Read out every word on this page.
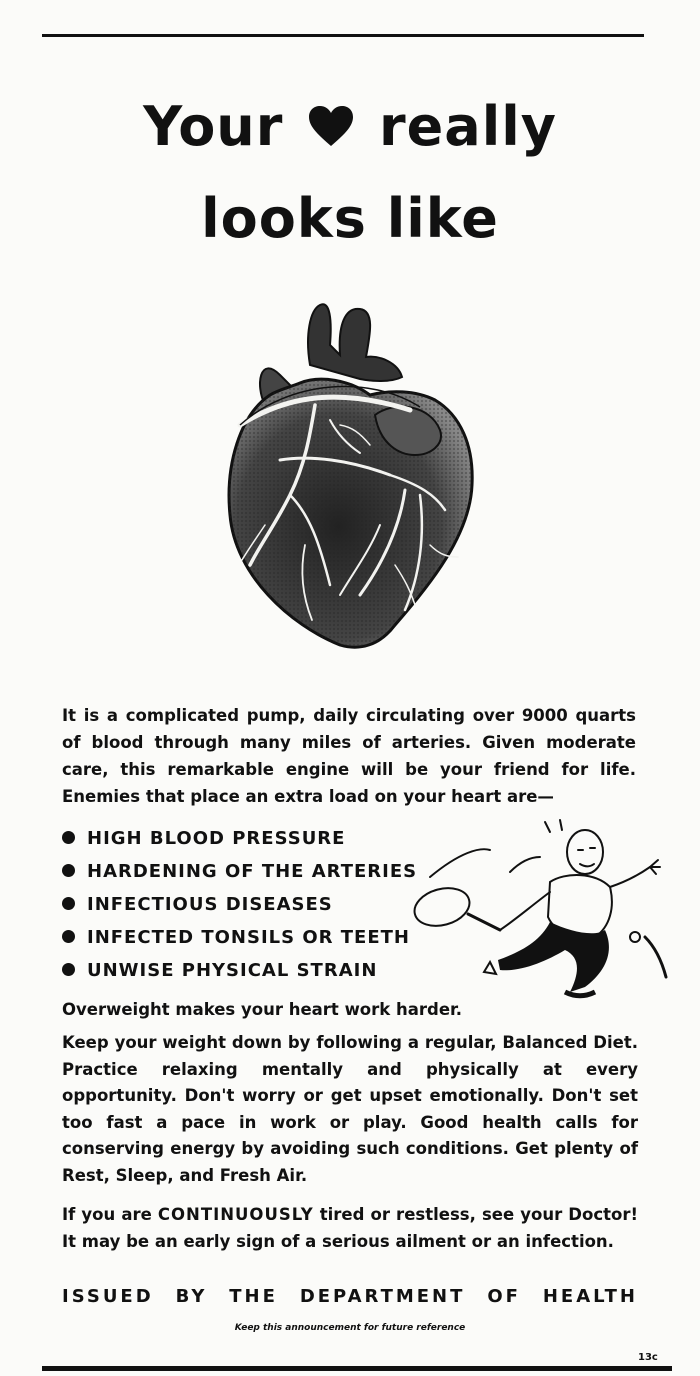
Your really
looks like

It is a complicated pump, daily circulating over 9000 quarts of blood through many miles of arteries. Given moderate care, this remarkable engine will be your friend for life. Enemies that place an extra load on your heart are—

HIGH BLOOD PRESSURE
HARDENING OF THE ARTERIES
INFECTIOUS DISEASES
INFECTED TONSILS OR TEETH
UNWISE PHYSICAL STRAIN

Overweight makes your heart work harder.

Keep your weight down by following a regular, Balanced Diet. Practice relaxing mentally and physically at every opportunity. Don't worry or get upset emotionally. Don't set too fast a pace in work or play. Good health calls for conserving energy by avoiding such conditions. Get plenty of Rest, Sleep, and Fresh Air.

If you are CONTINUOUSLY tired or restless, see your Doctor! It may be an early sign of a serious ailment or an infection.

ISSUED BY THE DEPARTMENT OF HEALTH

Keep this announcement for future reference

13c
